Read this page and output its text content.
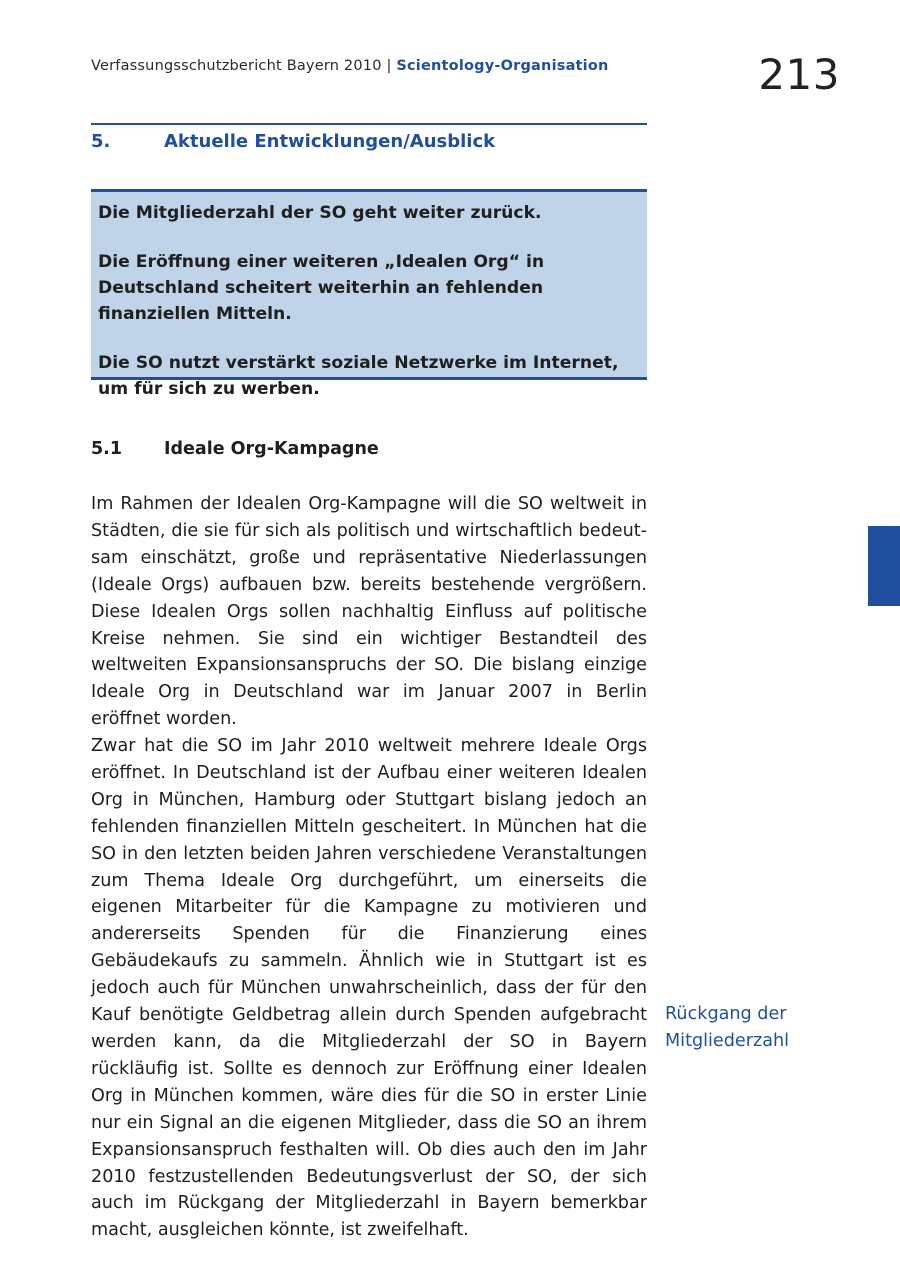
Verfassungsschutzbericht Bayern 2010 | Scientology-Organisation	213
5.	Aktuelle Entwicklungen/Ausblick

Die Mitgliederzahl der SO geht weiter zurück.

Die Eröffnung einer weiteren „Idealen Org“ in Deutschland scheitert weiterhin an fehlenden finanziellen Mitteln.

Die SO nutzt verstärkt soziale Netzwerke im Internet, um für sich zu werben.

5.1 Ideale Org-Kampagne

Im Rahmen der Idealen Org-Kampagne will die SO weltweit in Städten, die sie für sich als politisch und wirtschaftlich bedeutsam einschätzt, große und repräsentative Niederlassungen (Ideale Orgs) aufbauen bzw. bereits bestehende vergrößern. Diese Idealen Orgs sollen nachhaltig Einfluss auf politische Kreise nehmen. Sie sind ein wichtiger Bestandteil des weltweiten Expansionsanspruchs der SO. Die bislang einzige Ideale Org in Deutschland war im Januar 2007 in Berlin eröffnet worden.

Zwar hat die SO im Jahr 2010 weltweit mehrere Ideale Orgs eröffnet. In Deutschland ist der Aufbau einer weiteren Idealen Org in München, Hamburg oder Stuttgart bislang jedoch an fehlenden finanziellen Mitteln gescheitert. In München hat die SO in den letzten beiden Jahren verschiedene Veranstaltungen zum Thema Ideale Org durchgeführt, um einerseits die eigenen Mitarbeiter für die Kampagne zu motivieren und andererseits Spenden für die Finanzierung eines Gebäudekaufs zu sammeln. Ähnlich wie in Stuttgart ist es jedoch auch für München unwahrscheinlich, dass der für den Kauf benötigte Geldbetrag allein durch Spenden aufgebracht werden kann, da die Mitgliederzahl der SO in Bayern rückläufig ist. Sollte es dennoch zur Eröffnung einer Idealen Org in München kommen, wäre dies für die SO in erster Linie nur ein Signal an die eigenen Mitglieder, dass die SO an ihrem Expansionsanspruch festhalten will. Ob dies auch den im Jahr 2010 festzustellenden Bedeutungsverlust der SO, der sich auch im Rückgang der Mitgliederzahl in Bayern bemerkbar macht, ausgleichen könnte, ist zweifelhaft.

Rückgang der Mitgliederzahl
